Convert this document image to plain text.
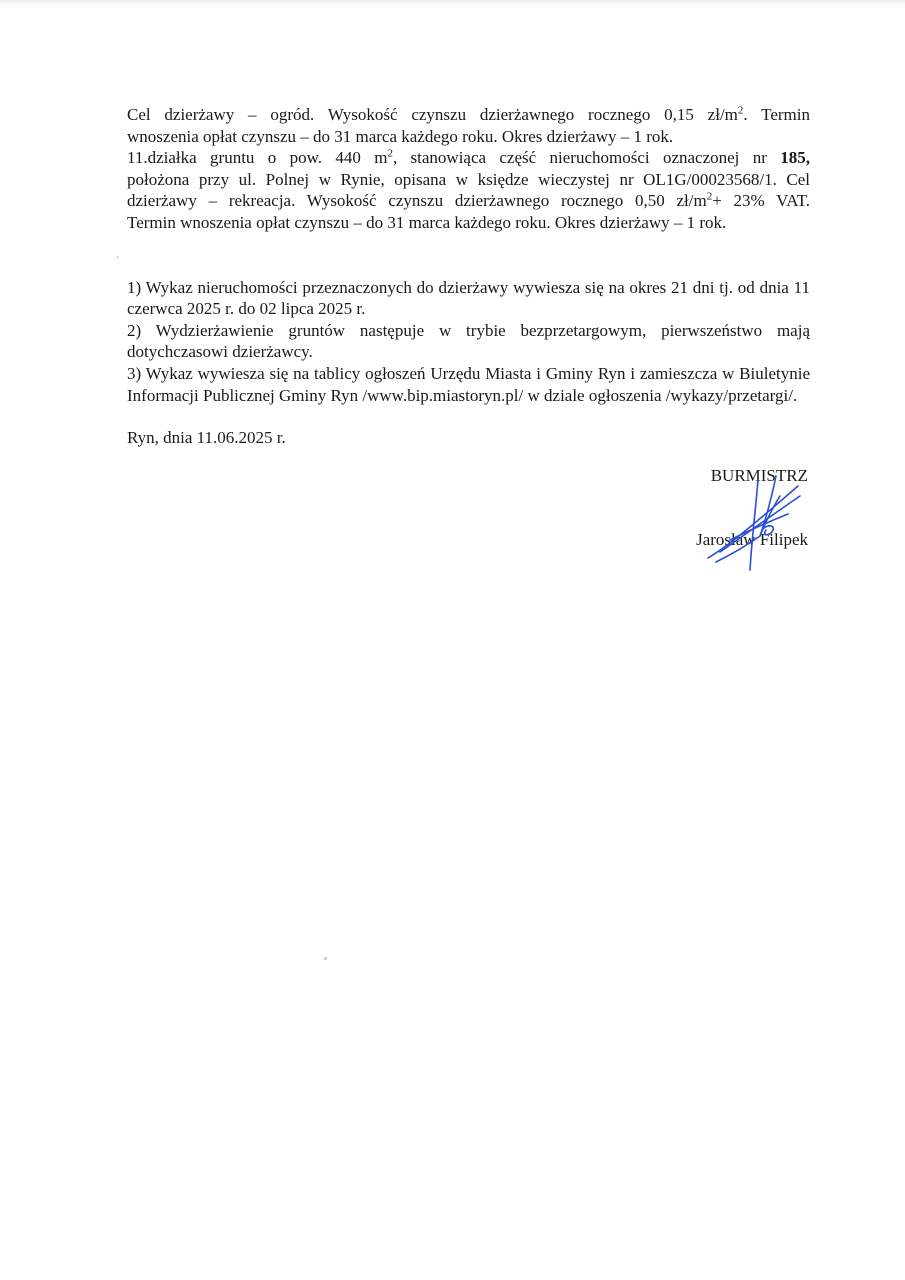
Cel dzierżawy – ogród. Wysokość czynszu dzierżawnego rocznego 0,15 $zł/m^2$. Termin

wnoszenia opłat czynszu – do 31 marca każdego roku. Okres dzierżawy – 1 rok.

11.działka gruntu o pow. 440 $m^2$, stanowiąca część nieruchomości oznaczonej nr 185,

położona przy ul. Polnej w Rynie, opisana w księdze wieczystej nr OL1G/00023568/1. Cel

dzierżawy – rekreacja. Wysokość czynszu dzierżawnego rocznego 0,50 $zł/m^2+ 23\%$ VAT.

Termin wnoszenia opłat czynszu – do 31 marca każdego roku. Okres dzierżawy – 1 rok.

1) Wykaz nieruchomości przeznaczonych do dzierżawy wywiesza się na okres 21 dni tj. od dnia 11 czerwca 2025 r. do 02 lipca 2025 r.

2) Wydzierżawienie gruntów następuje w trybie bezprzetargowym, pierwszeństwo mają dotychczasowi dzierżawcy.

3) Wykaz wywiesza się na tablicy ogłoszeń Urzędu Miasta i Gminy Ryn i zamieszcza w Biuletynie Informacji Publicznej Gminy Ryn /www.bip.miastoryn.pl/ w dziale ogłoszenia /wykazy/przetargi/.

Ryn, dnia 11.06.2025 r.

BURMISTRZ
Jarosław Filipek
